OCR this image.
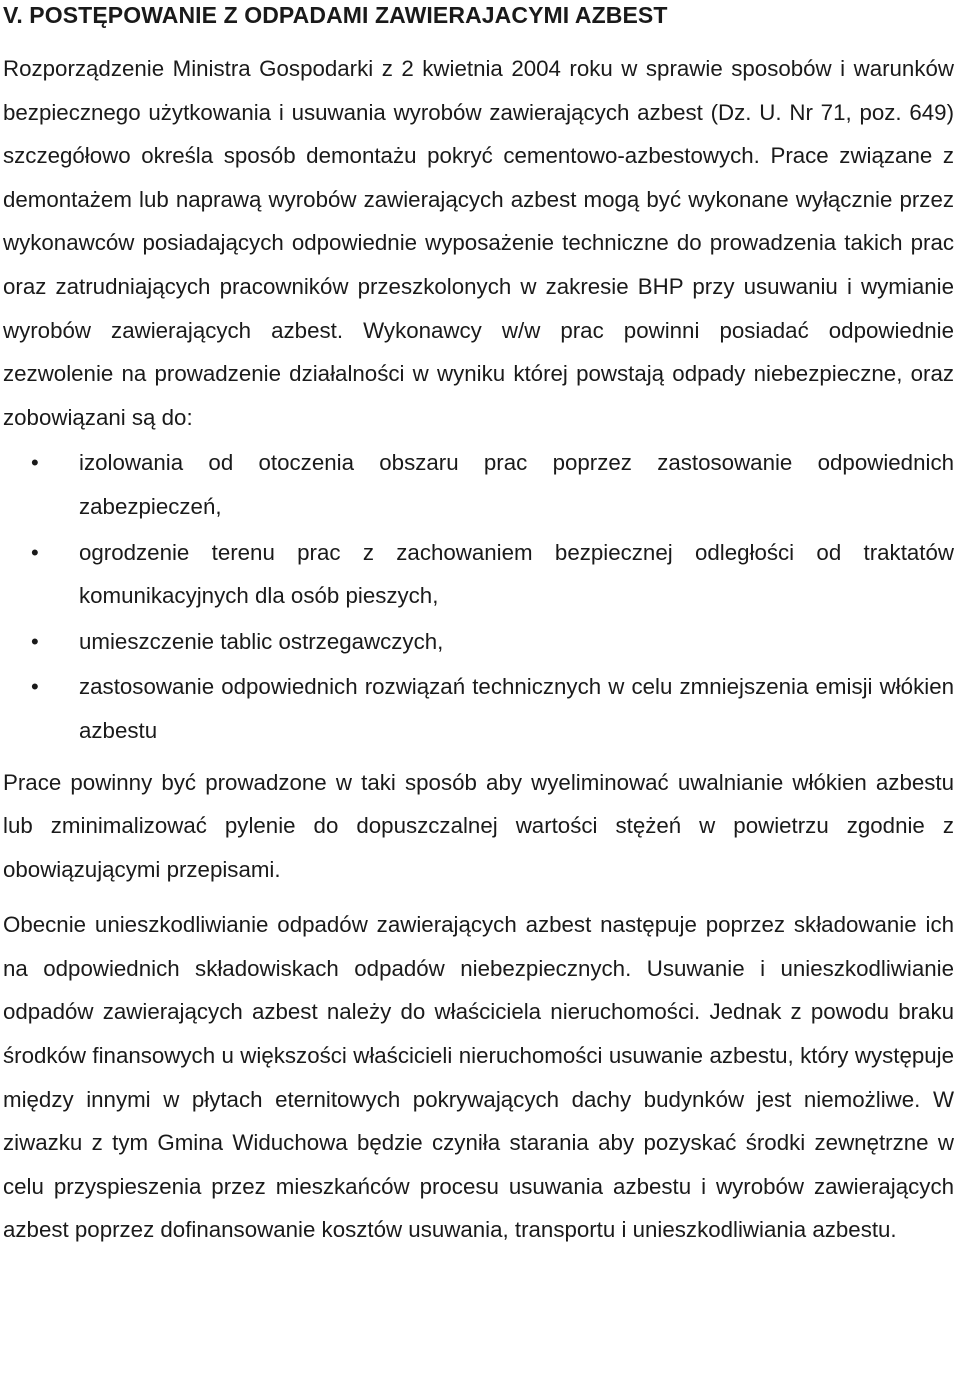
V. POSTĘPOWANIE Z ODPADAMI ZAWIERAJACYMI AZBEST

Rozporządzenie Ministra Gospodarki z 2 kwietnia 2004 roku w sprawie sposobów i warunków bezpiecznego użytkowania i usuwania wyrobów zawierających azbest (Dz. U. Nr 71, poz. 649) szczegółowo określa sposób demontażu pokryć cementowo-azbestowych. Prace związane z demontażem lub naprawą wyrobów zawierających azbest mogą być wykonane wyłącznie przez wykonawców posiadających odpowiednie wyposażenie techniczne do prowadzenia takich prac oraz zatrudniających pracowników przeszkolonych w zakresie BHP przy usuwaniu i wymianie wyrobów zawierających azbest. Wykonawcy w/w prac powinni posiadać odpowiednie zezwolenie na prowadzenie działalności w wyniku której powstają odpady niebezpieczne, oraz zobowiązani są do:

• izolowania od otoczenia obszaru prac poprzez zastosowanie odpowiednich zabezpieczeń,
• ogrodzenie terenu prac z zachowaniem bezpiecznej odległości od traktatów komunikacyjnych dla osób pieszych,
• umieszczenie tablic ostrzegawczych,
• zastosowanie odpowiednich rozwiązań technicznych w celu zmniejszenia emisji włókien azbestu

Prace powinny być prowadzone w taki sposób aby wyeliminować uwalnianie włókien azbestu lub zminimalizować pylenie do dopuszczalnej wartości stężeń w powietrzu zgodnie z obowiązującymi przepisami.

Obecnie unieszkodliwianie odpadów zawierających azbest następuje poprzez składowanie ich na odpowiednich składowiskach odpadów niebezpiecznych. Usuwanie i unieszkodliwianie odpadów zawierających azbest należy do właściciela nieruchomości. Jednak z powodu braku środków finansowych u większości właścicieli nieruchomości usuwanie azbestu, który występuje między innymi w płytach eternitowych pokrywających dachy budynków jest niemożliwe. W ziwazku z tym Gmina Widuchowa będzie czyniła starania aby pozyskać środki zewnętrzne w celu przyspieszenia przez mieszkańców procesu usuwania azbestu i wyrobów zawierających azbest poprzez dofinansowanie kosztów usuwania, transportu i unieszkodliwiania azbestu.
